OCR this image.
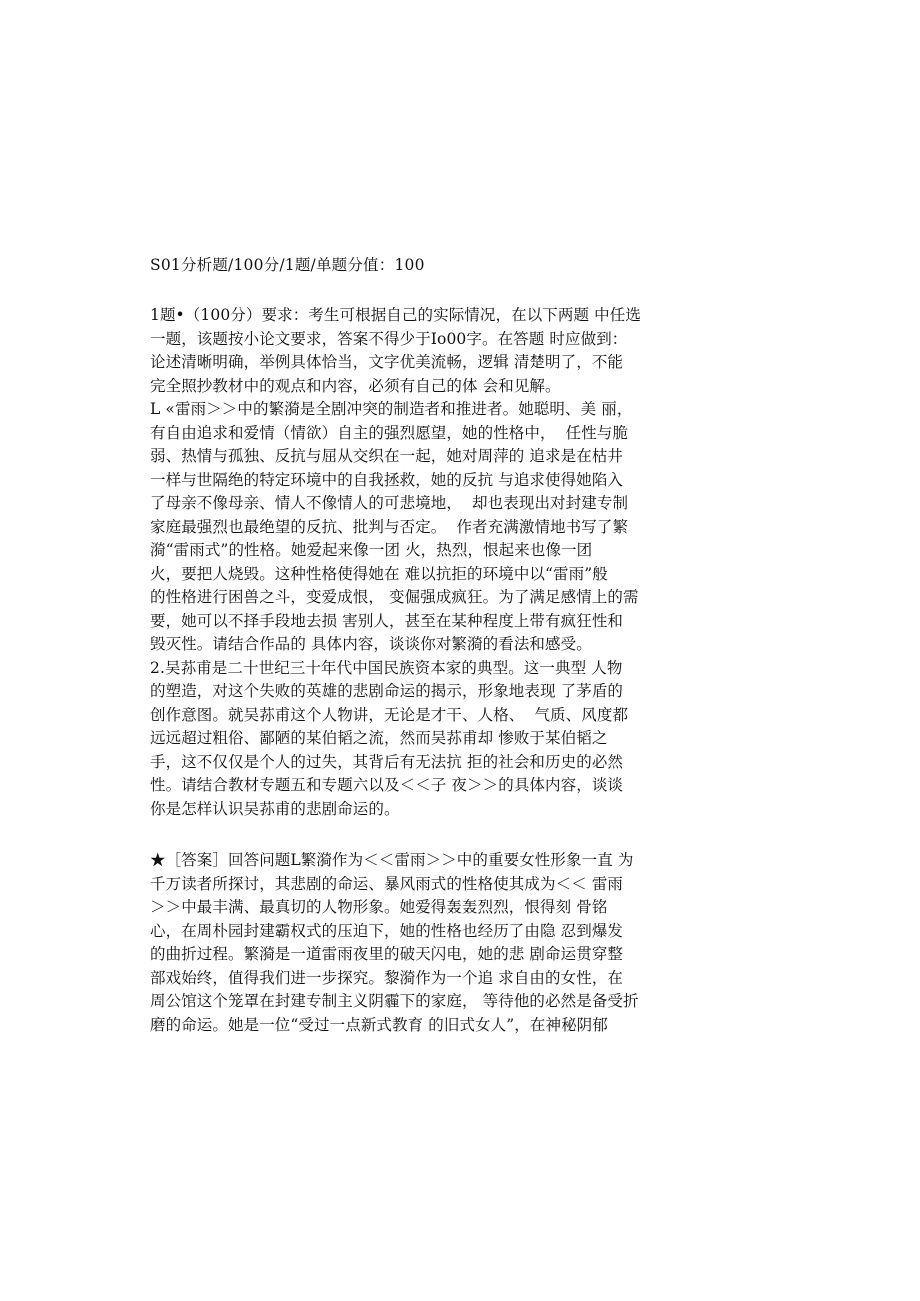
S01分析题/100分/1题/单题分值：100

1题•（100分）要求：考生可根据自己的实际情况，在以下两题 中任选

一题，该题按小论文要求，答案不得少于Io00字。在答题 时应做到：

论述清晰明确，举例具体恰当，文字优美流畅，逻辑 清楚明了，不能

完全照抄教材中的观点和内容，必须有自己的体 会和见解。

L «雷雨＞＞中的繁漪是全剧冲突的制造者和推进者。她聪明、美 丽，

有自由追求和爱情（情欲）自主的强烈愿望，她的性格中，  任性与脆

弱、热情与孤独、反抗与屈从交织在一起，她对周萍的 追求是在枯井

一样与世隔绝的特定环境中的自我拯救，她的反抗 与追求使得她陷入

了母亲不像母亲、情人不像情人的可悲境地，  却也表现出对封建专制

家庭最强烈也最绝望的反抗、批判与否定。  作者充满激情地书写了繁

漪“雷雨式”的性格。她爱起来像一团 火，热烈，恨起来也像一团

火，要把人烧毁。这种性格使得她在 难以抗拒的环境中以“雷雨”般

的性格进行困兽之斗，变爱成恨， 变倔强成疯狂。为了满足感情上的需

要，她可以不择手段地去损 害别人，甚至在某种程度上带有疯狂性和

毁灭性。请结合作品的 具体内容，谈谈你对繁漪的看法和感受。

2.吴荪甫是二十世纪三十年代中国民族资本家的典型。这一典型 人物

的塑造，对这个失败的英雄的悲剧命运的揭示，形象地表现 了茅盾的

创作意图。就吴荪甫这个人物讲，无论是才干、人格、  气质、风度都

远远超过粗俗、鄙陋的某伯韬之流，然而吴荪甫却 惨败于某伯韬之

手，这不仅仅是个人的过失，其背后有无法抗 拒的社会和历史的必然

性。请结合教材专题五和专题六以及＜＜子 夜＞＞的具体内容，谈谈

你是怎样认识吴荪甫的悲剧命运的。

★［答案］回答问题L繁漪作为＜＜雷雨＞＞中的重要女性形象一直 为

千万读者所探讨，其悲剧的命运、暴风雨式的性格使其成为＜＜ 雷雨

＞＞中最丰满、最真切的人物形象。她爱得轰轰烈烈，恨得刻 骨铭

心，在周朴园封建霸权式的压迫下，她的性格也经历了由隐 忍到爆发

的曲折过程。繁漪是一道雷雨夜里的破天闪电，她的悲 剧命运贯穿整

部戏始终，值得我们进一步探究。黎漪作为一个追 求自由的女性，在

周公馆这个笼罩在封建专制主义阴霾下的家庭， 等待他的必然是备受折

磨的命运。她是一位“受过一点新式教育 的旧式女人”，在神秘阴郁
